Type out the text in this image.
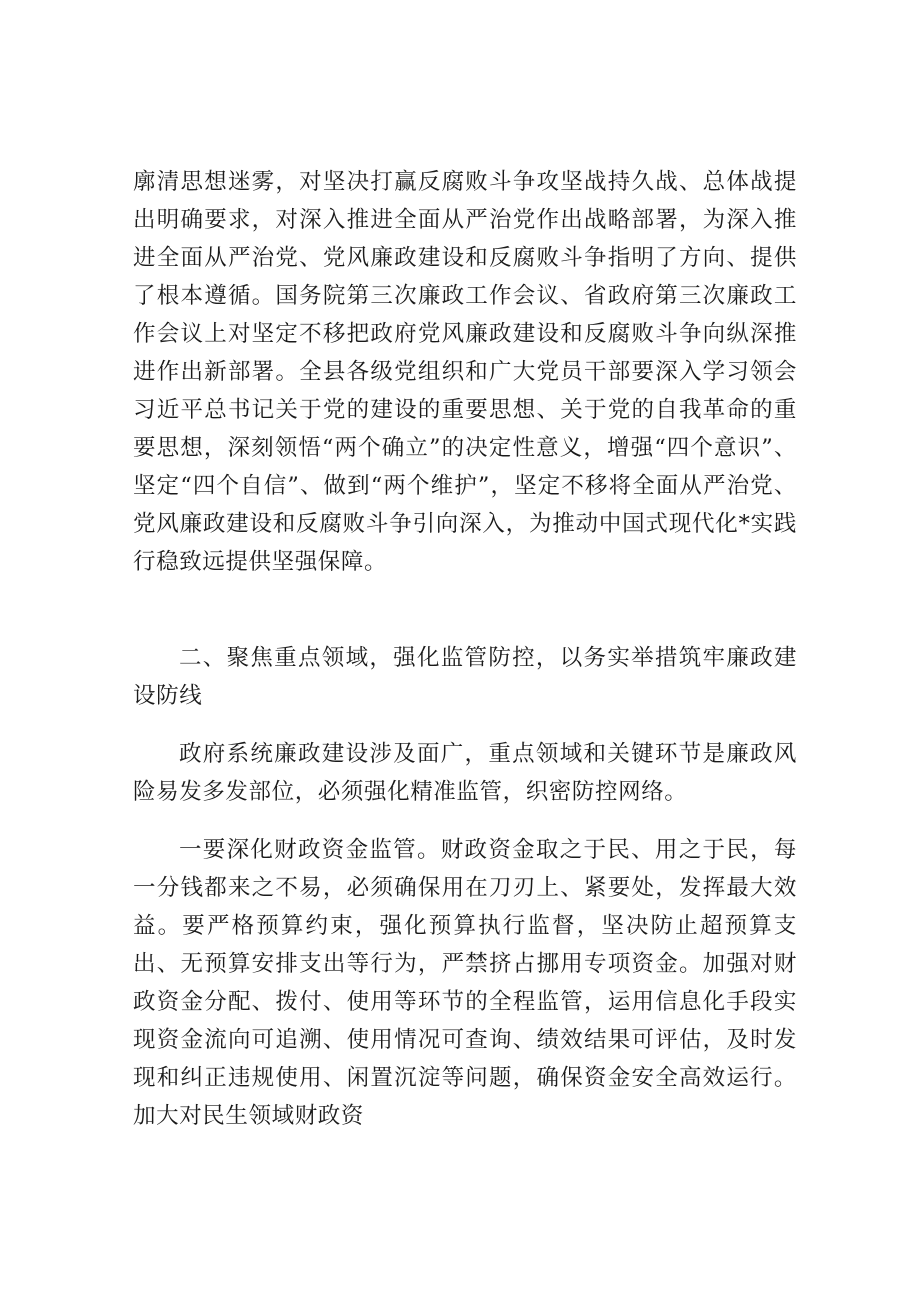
廓清思想迷雾，对坚决打赢反腐败斗争攻坚战持久战、总体战提出明确要求，对深入推进全面从严治党作出战略部署，为深入推进全面从严治党、党风廉政建设和反腐败斗争指明了方向、提供了根本遵循。国务院第三次廉政工作会议、省政府第三次廉政工作会议上对坚定不移把政府党风廉政建设和反腐败斗争向纵深推进作出新部署。全县各级党组织和广大党员干部要深入学习领会习近平总书记关于党的建设的重要思想、关于党的自我革命的重要思想，深刻领悟“两个确立”的决定性意义，增强“四个意识”、坚定“四个自信”、做到“两个维护”，坚定不移将全面从严治党、党风廉政建设和反腐败斗争引向深入，为推动中国式现代化*实践行稳致远提供坚强保障。

二、聚焦重点领域，强化监管防控，以务实举措筑牢廉政建设防线

政府系统廉政建设涉及面广，重点领域和关键环节是廉政风险易发多发部位，必须强化精准监管，织密防控网络。

一要深化财政资金监管。财政资金取之于民、用之于民，每一分钱都来之不易，必须确保用在刀刃上、紧要处，发挥最大效益。要严格预算约束，强化预算执行监督，坚决防止超预算支出、无预算安排支出等行为，严禁挤占挪用专项资金。加强对财政资金分配、拨付、使用等环节的全程监管，运用信息化手段实现资金流向可追溯、使用情况可查询、绩效结果可评估，及时发现和纠正违规使用、闲置沉淀等问题，确保资金安全高效运行。加大对民生领域财政资
